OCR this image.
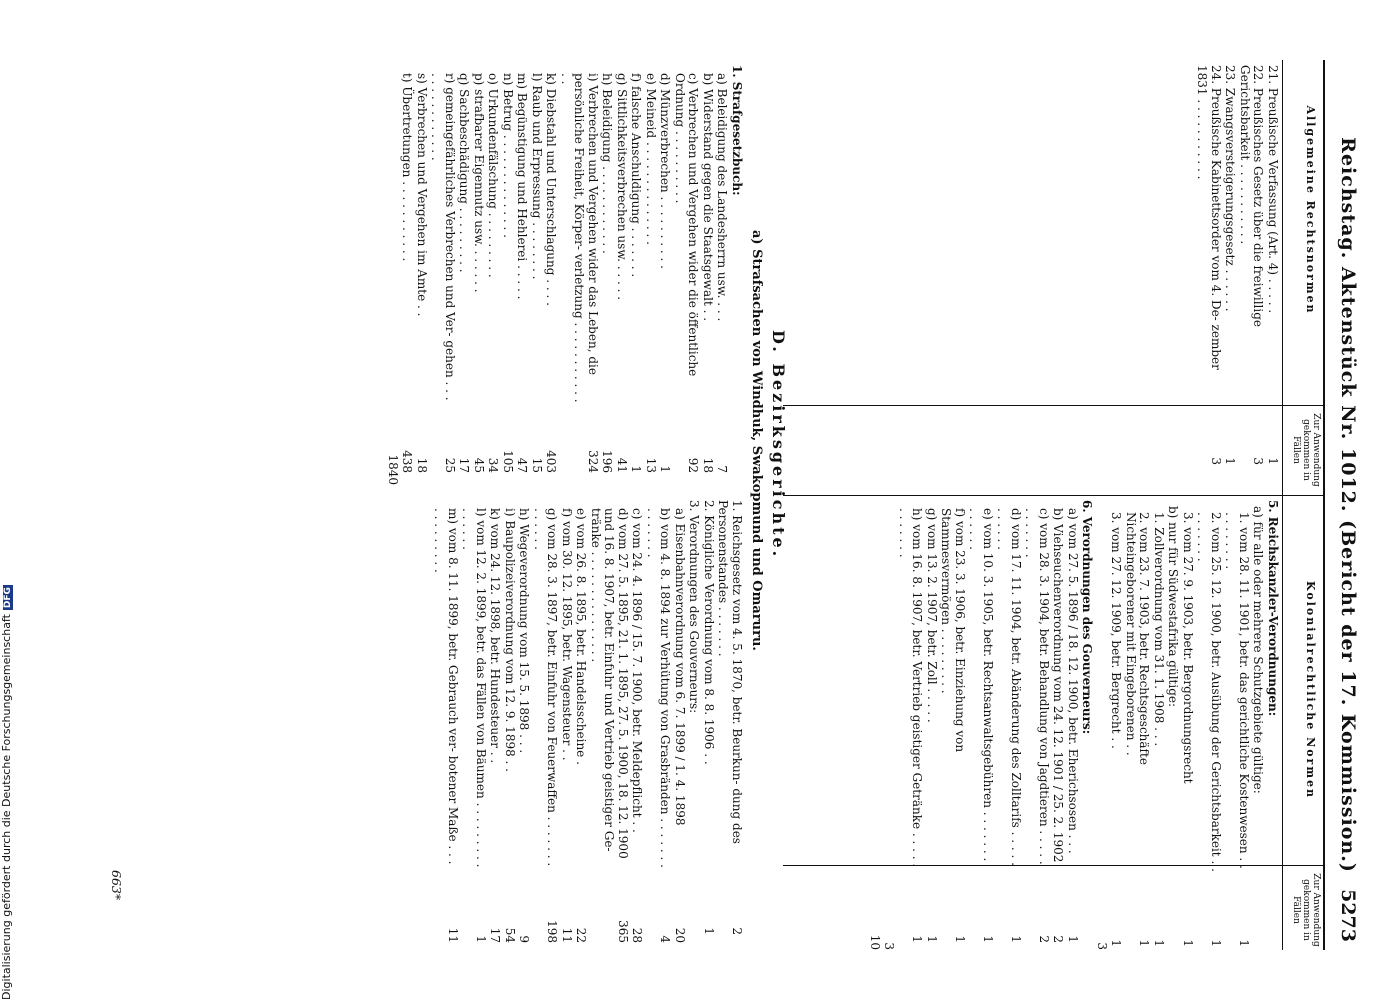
Reichstag. Aktenstück Nr. 1012. (Bericht der 17. Kommission.)
5273
Allgemeine Rechtsnormen
Zur Anwendung gekommen in Fällen
Kolonialrechtliche Normen
Zur Anwendung gekommen in Fällen
21. Preußische Verfassung (Art. 4) . . . . .
1
22. Preußisches Gesetz über die freiwillige Gerichtsbarkeit . . . . . . . . . . .
3
23. Zwangsversteigerungsgesetz . . . . . .
1
24. Preußische Kabinettsorder vom 4. De- zember 1831 . . . . . . . . . . .
3
5. Reichskanzler-Verordnungen:
a) für alle oder mehrere Schutzgebiete gültige:
1. vom 28. 11. 1901, betr. das gerichtliche Kostenwesen . . . . . . . . . .
1
2. vom 25. 12. 1900, betr. Ausübung der Gerichtsbarkeit . . . . . . . . .
1
3. vom 27. 9. 1903, betr. Bergordnungsrecht
1
b) nur für Südwestafrika gültige:
1. Zollverordnung vom 31. 1. 1908 . . .
1
2. vom 23. 7. 1903, betr. Rechtsgeschäfte Nichteingeborener mit Eingeborenen . .
1
3. vom 27. 12. 1909, betr. Bergrecht . .
1
3
6. Verordnungen des Gouverneurs:
a) vom 27. 5. 1896 / 18. 12. 1900, betr. Eherichsosen . . .
1
b) Viehseuchenverordnung vom 24. 12. 1901 / 25. 2. 1902
2
c) vom 28. 3. 1904, betr. Behandlung von Jagdtieren . . . . . . . . . . . .
2
d) vom 17. 11. 1904, betr. Abänderung des Zolltarifs . . . . . . . . . . .
1
e) vom 10. 3. 1905, betr. Rechtsanwaltsgebühren . . . . . . . . . . . . .
1
f) vom 23. 3. 1906, betr. Einziehung von Stammesvermögen . . . . . . . . .
1
g) vom 13. 2. 1907, betr. Zoll . . . . .
1
h) vom 16. 8. 1907, betr. Vertrieb geistiger Getränke . . . . . . . . . . . .
1
3
10
D. Bezirksgerichte.
a) Strafsachen von Windhuk, Swakopmund und Omaruru.
1. Strafgesetzbuch:
a) Beleidigung des Landesherrn usw. . . .
7
b) Widerstand gegen die Staatsgewalt . .
18
c) Verbrechen und Vergehen wider die öffentliche Ordnung . . . . . . . . . .
92
d) Münzverbrechen . . . . . . . . . .
1
e) Meineid . . . . . . . . . . . . . .
13
f) falsche Anschuldigung . . . . . . .
1
g) Sittlichkeitsverbrechen usw. . . . . .
41
h) Beleidigung . . . . . . . . . . . .
196
i) Verbrechen und Vergehen wider das Leben, die persönliche Freiheit, Körper- verletzung . . . . . . . . . . . . .
324
k) Diebstahl und Unterschlagung . . . .
403
l) Raub und Erpressung . . . . . . . .
15
m) Begünstigung und Hehlerei . . . . .
47
n) Betrug . . . . . . . . . . . . . .
105
o) Urkundenfälschung . . . . . . . . .
34
p) strafbarer Eigennutz usw. . . . . . .
45
q) Sachbeschädigung . . . . . . . . .
17
r) gemeingefährliches Verbrechen und Ver- gehen . . . . . . . . . . . . . . .
25
s) Verbrechen und Vergehen im Amte . .
18
t) Übertretungen . . . . . . . . . . .
438
1840
1. Reichsgesetz vom 4. 5. 1870, betr. Beurkun- dung des Personenstandes . . . . . . .
2
2. Königliche Verordnung vom 8. 8. 1906 . .
1
3. Verordnungen des Gouverneurs:
a) Eisenbahnverordnung vom 6. 7. 1899 / 1. 4. 1898
20
b) vom 4. 8. 1894 zur Verhütung von Grasbränden . . . . . . . . . . . . . .
4
c) vom 24. 4. 1896 / 15. 7. 1900, betr. Meldepflicht . .
28
d) vom 27. 5. 1895, 21. 1. 1895, 27. 5. 1900, 18. 12. 1900 und 16. 8. 1907, betr. Einfuhr und Vertrieb geistiger Ge- tränke . . . . . . . . . . . . . . .
365
e) vom 26. 8. 1895, betr. Handelsscheine .
22
f) vom 30. 12. 1895, betr. Wagensteuer . .
11
g) vom 28. 3. 1897, betr. Einfuhr von Feuerwaffen . . . . . . . . . . . . .
198
h) Wegeverordnung vom 15. 5. 1898 . . .
9
i) Baupolizeiverordnung vom 12. 9. 1898 . .
54
k) vom 24. 12. 1898, betr. Hundesteuer . .
17
l) vom 12. 2. 1899, betr. das Fällen von Bäumen . . . . . . . . . . . . . . .
1
m) vom 8. 11. 1899, betr. Gebrauch ver- botener Maße . . . . . . . . . . . .
11
663*
Digitalisierung gefördert durch die Deutsche ForschungsgemeinschaftDFG
